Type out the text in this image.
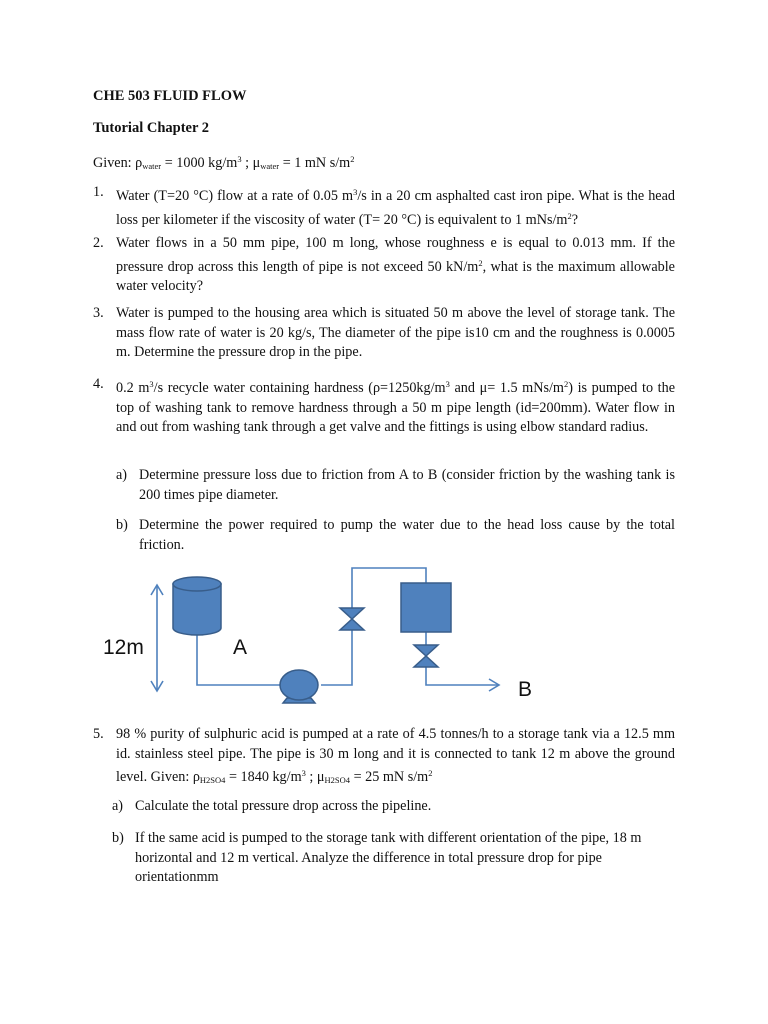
CHE 503 FLUID FLOW
Tutorial Chapter 2
Given: $\rho_{water} = 1000$ $kg/m^3$ ; $\mu_{water} = 1$ mN $s/m^2$
1. Water (T=20 °C) flow at a rate of 0.05 $m^3/s$ in a 20 cm asphalted cast iron pipe. What is the head loss per kilometer if the viscosity of water (T= 20 °C) is equivalent to 1 mNs/$m^2$?
2. Water flows in a 50 mm pipe, 100 m long, whose roughness e is equal to 0.013 mm. If the pressure drop across this length of pipe is not exceed 50 $kN/m^2$, what is the maximum allowable water velocity?
3. Water is pumped to the housing area which is situated 50 m above the level of storage tank. The mass flow rate of water is 20 kg/s, The diameter of the pipe is10 cm and the roughness is 0.0005 m. Determine the pressure drop in the pipe.
4. 0.2 $m^3/s$ recycle water containing hardness ($\rho=1250kg/m^3$ and μ= 1.5 mNs/$m^2$) is pumped to the top of washing tank to remove hardness through a 50 m pipe length (id=200mm). Water flow in and out from washing tank through a get valve and the fittings is using elbow standard radius.
a) Determine pressure loss due to friction from A to B (consider friction by the washing tank is 200 times pipe diameter.
b) Determine the power required to pump the water due to the head loss cause by the total friction.
12m	A
B
5. 98 % purity of sulphuric acid is pumped at a rate of 4.5 tonnes/h to a storage tank via a 12.5 mm id. stainless steel pipe. The pipe is 30 m long and it is connected to tank 12 m above the ground level. Given: $\rho_{H2SO4} = 1840$ $kg/m^3$ ; $\mu_{H2SO4} = 25$ mN $s/m^2$
a) Calculate the total pressure drop across the pipeline.
b) If the same acid is pumped to the storage tank with different orientation of the pipe, 18 m horizontal and 12 m vertical. Analyze the difference in total pressure drop for pipe orientationmm
